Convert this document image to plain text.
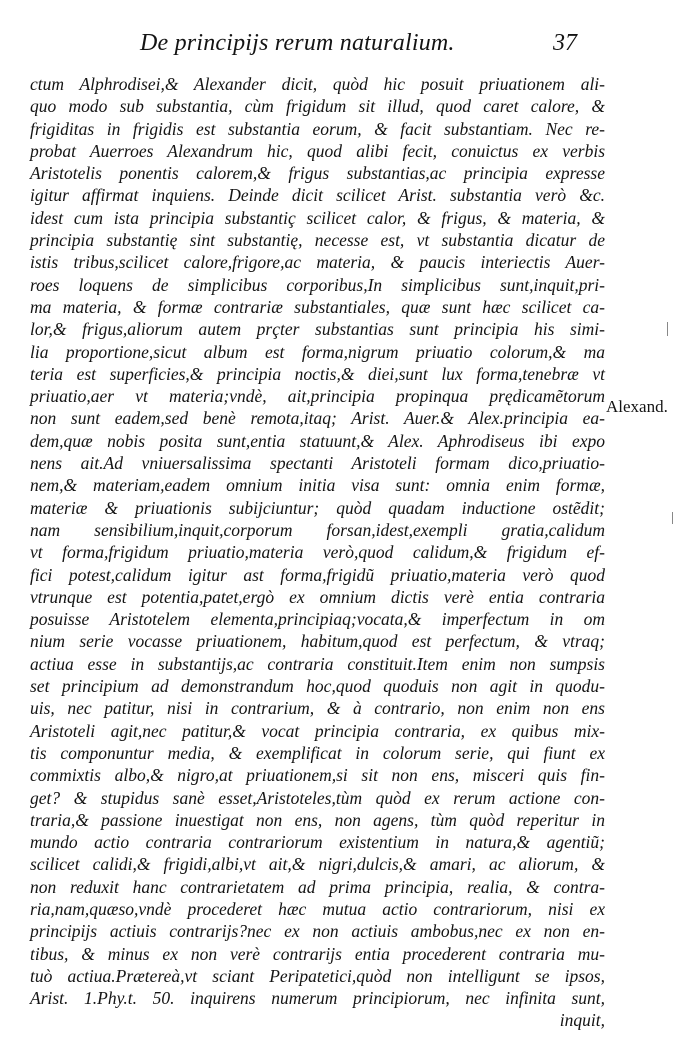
De principijs rerum naturalium.	37
ctum Alphrodisei,& Alexander dicit, quòd hic posuit priuationem ali-
quo modo sub substantia, cùm frigidum sit illud, quod caret calore, &
frigiditas in frigidis est substantia eorum, & facit substantiam. Nec re-
probat Auerroes Alexandrum hic, quod alibi fecit, conuictus ex verbis
Aristotelis ponentis calorem,& frigus substantias,ac principia expresse
igitur affirmat inquiens. Deinde dicit scilicet Arist. substantia verò &c.
idest cum ista principia substantiç scilicet calor, & frigus, & materia, &
principia substantię sint substantię, necesse est, vt substantia dicatur de
istis tribus,scilicet calore,frigore,ac materia, & paucis interiectis Auer-
roes loquens de simplicibus corporibus,In simplicibus sunt,inquit,pri-
ma materia, & formæ contrariæ substantiales, quæ sunt hæc scilicet ca-
lor,& frigus,aliorum autem prçter substantias sunt principia his simi-
lia proportione,sicut album est forma,nigrum priuatio colorum,& ma
teria est superficies,& principia noctis,& diei,sunt lux forma,tenebræ vt
priuatio,aer vt materia;vndè, ait,principia propinqua prędicamẽtorum
non sunt eadem,sed benè remota,itaq; Arist. Auer.& Alex.principia ea-
dem,quæ nobis posita sunt,entia statuunt,& Alex. Aphrodiseus ibi expo
nens ait.Ad vniuersalissima spectanti Aristoteli formam dico,priuatio-
nem,& materiam,eadem omnium initia visa sunt: omnia enim formæ,
materiæ & priuationis subijciuntur; quòd quadam inductione ostẽdit;
nam sensibilium,inquit,corporum forsan,idest,exempli gratia,calidum
vt forma,frigidum priuatio,materia verò,quod calidum,& frigidum ef-
fici potest,calidum igitur ast forma,frigidũ priuatio,materia verò quod
vtrunque est potentia,patet,ergò ex omnium dictis verè entia contraria
posuisse Aristotelem elementa,principiaq;vocata,& imperfectum in om
nium serie vocasse priuationem, habitum,quod est perfectum, & vtraq;
actiua esse in substantijs,ac contraria constituit.Item enim non sumpsis
set principium ad demonstrandum hoc,quod quoduis non agit in quodu-
uis, nec patitur, nisi in contrarium, & à contrario, non enim non ens
Aristoteli agit,nec patitur,& vocat principia contraria, ex quibus mix-
tis componuntur media, & exemplificat in colorum serie, qui fiunt ex
commixtis albo,& nigro,at priuationem,si sit non ens, misceri quis fin-
get? & stupidus sanè esset,Aristoteles,tùm quòd ex rerum actione con-
traria,& passione inuestigat non ens, non agens, tùm quòd reperitur in
mundo actio contraria contrariorum existentium in natura,& agentiũ;
scilicet calidi,& frigidi,albi,vt ait,& nigri,dulcis,& amari, ac aliorum, &
non reduxit hanc contrarietatem ad prima principia, realia, & contra-
ria,nam,quæso,vndè procederet hæc mutua actio contrariorum, nisi ex
principijs actiuis contrarijs?nec ex non actiuis ambobus,nec ex non en-
tibus, & minus ex non verè contrarijs entia procederent contraria mu-
tuò actiua.Prætereà,vt sciant Peripatetici,quòd non intelligunt se ipsos,
Arist. 1.Phy.t. 50. inquirens numerum principiorum, nec infinita sunt,
inquit,
Alexand.
